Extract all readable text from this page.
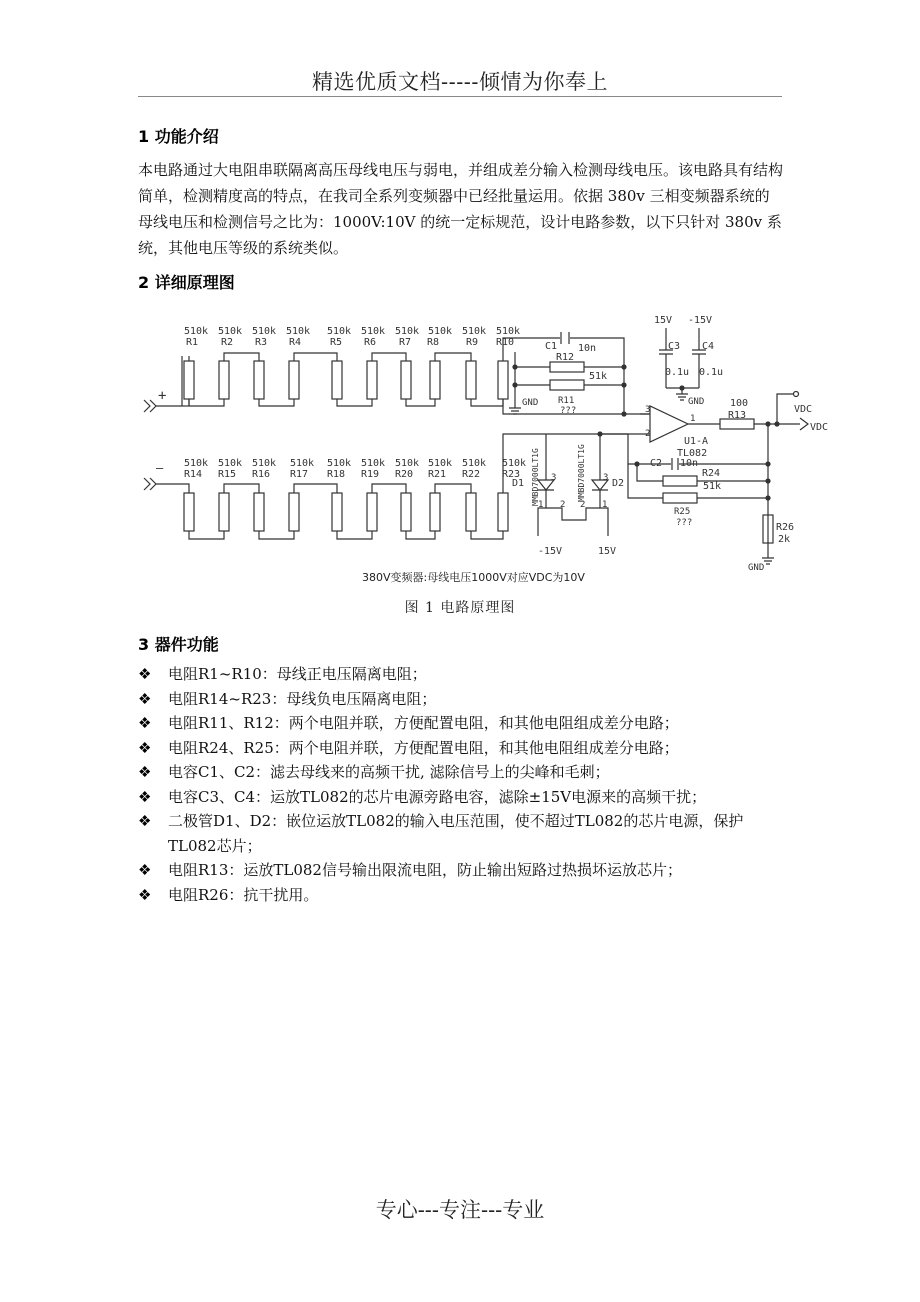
精选优质文档-----倾情为你奉上
1 功能介绍

本电路通过大电阻串联隔离高压母线电压与弱电，并组成差分输入检测母线电压。该电路具有结构简单，检测精度高的特点，在我司全系列变频器中已经批量运用。依据 380v 三相变频器系统的母线电压和检测信号之比为：1000V:10V 的统一定标规范，设计电路参数，以下只针对 380v 系统，其他电压等级的系统类似。

2 详细原理图
+
—
510k
R1
510k
R2
510k
R3
510k
R4
510k
R5
510k
R6
510k
R7
510k
R8
510k
R9
510k
R10	C1 10n
R12
51k
GND R11
???
15V -15V
C3 C4
0.1u 0.1u
GND
3
2
1
U1-A
TL082
100
R13
VDC
VDC
R26
2k
GND
510k
R14
510k
R15
510k
R16
510k
R17
510k
R18
510k
R19
510k
R20
510k
R21
510k
R22
510k
R23
D1	D2
3	3
1 2 2 1
MMBD7000LT1G	MMBD7000LT1G
-15V	15V
C2 10n
R24
51k
R25
???
380V变频器:母线电压1000V对应VDC为10V
图 1 电路原理图
3 器件功能
❖ 电阻R1~R10：母线正电压隔离电阻；
❖ 电阻R14~R23：母线负电压隔离电阻；
❖ 电阻R11、R12：两个电阻并联，方便配置电阻，和其他电阻组成差分电路；
❖ 电阻R24、R25：两个电阻并联，方便配置电阻，和其他电阻组成差分电路；
❖ 电容C1、C2：滤去母线来的高频干扰, 滤除信号上的尖峰和毛刺；
❖ 电容C3、C4：运放TL082的芯片电源旁路电容，滤除±15V电源来的高频干扰；
❖ 二极管D1、D2：嵌位运放TL082的输入电压范围，使不超过TL082的芯片电源，保护TL082芯片；
❖ 电阻R13：运放TL082信号输出限流电阻，防止输出短路过热损坏运放芯片；
❖ 电阻R26：抗干扰用。
专心---专注---专业
